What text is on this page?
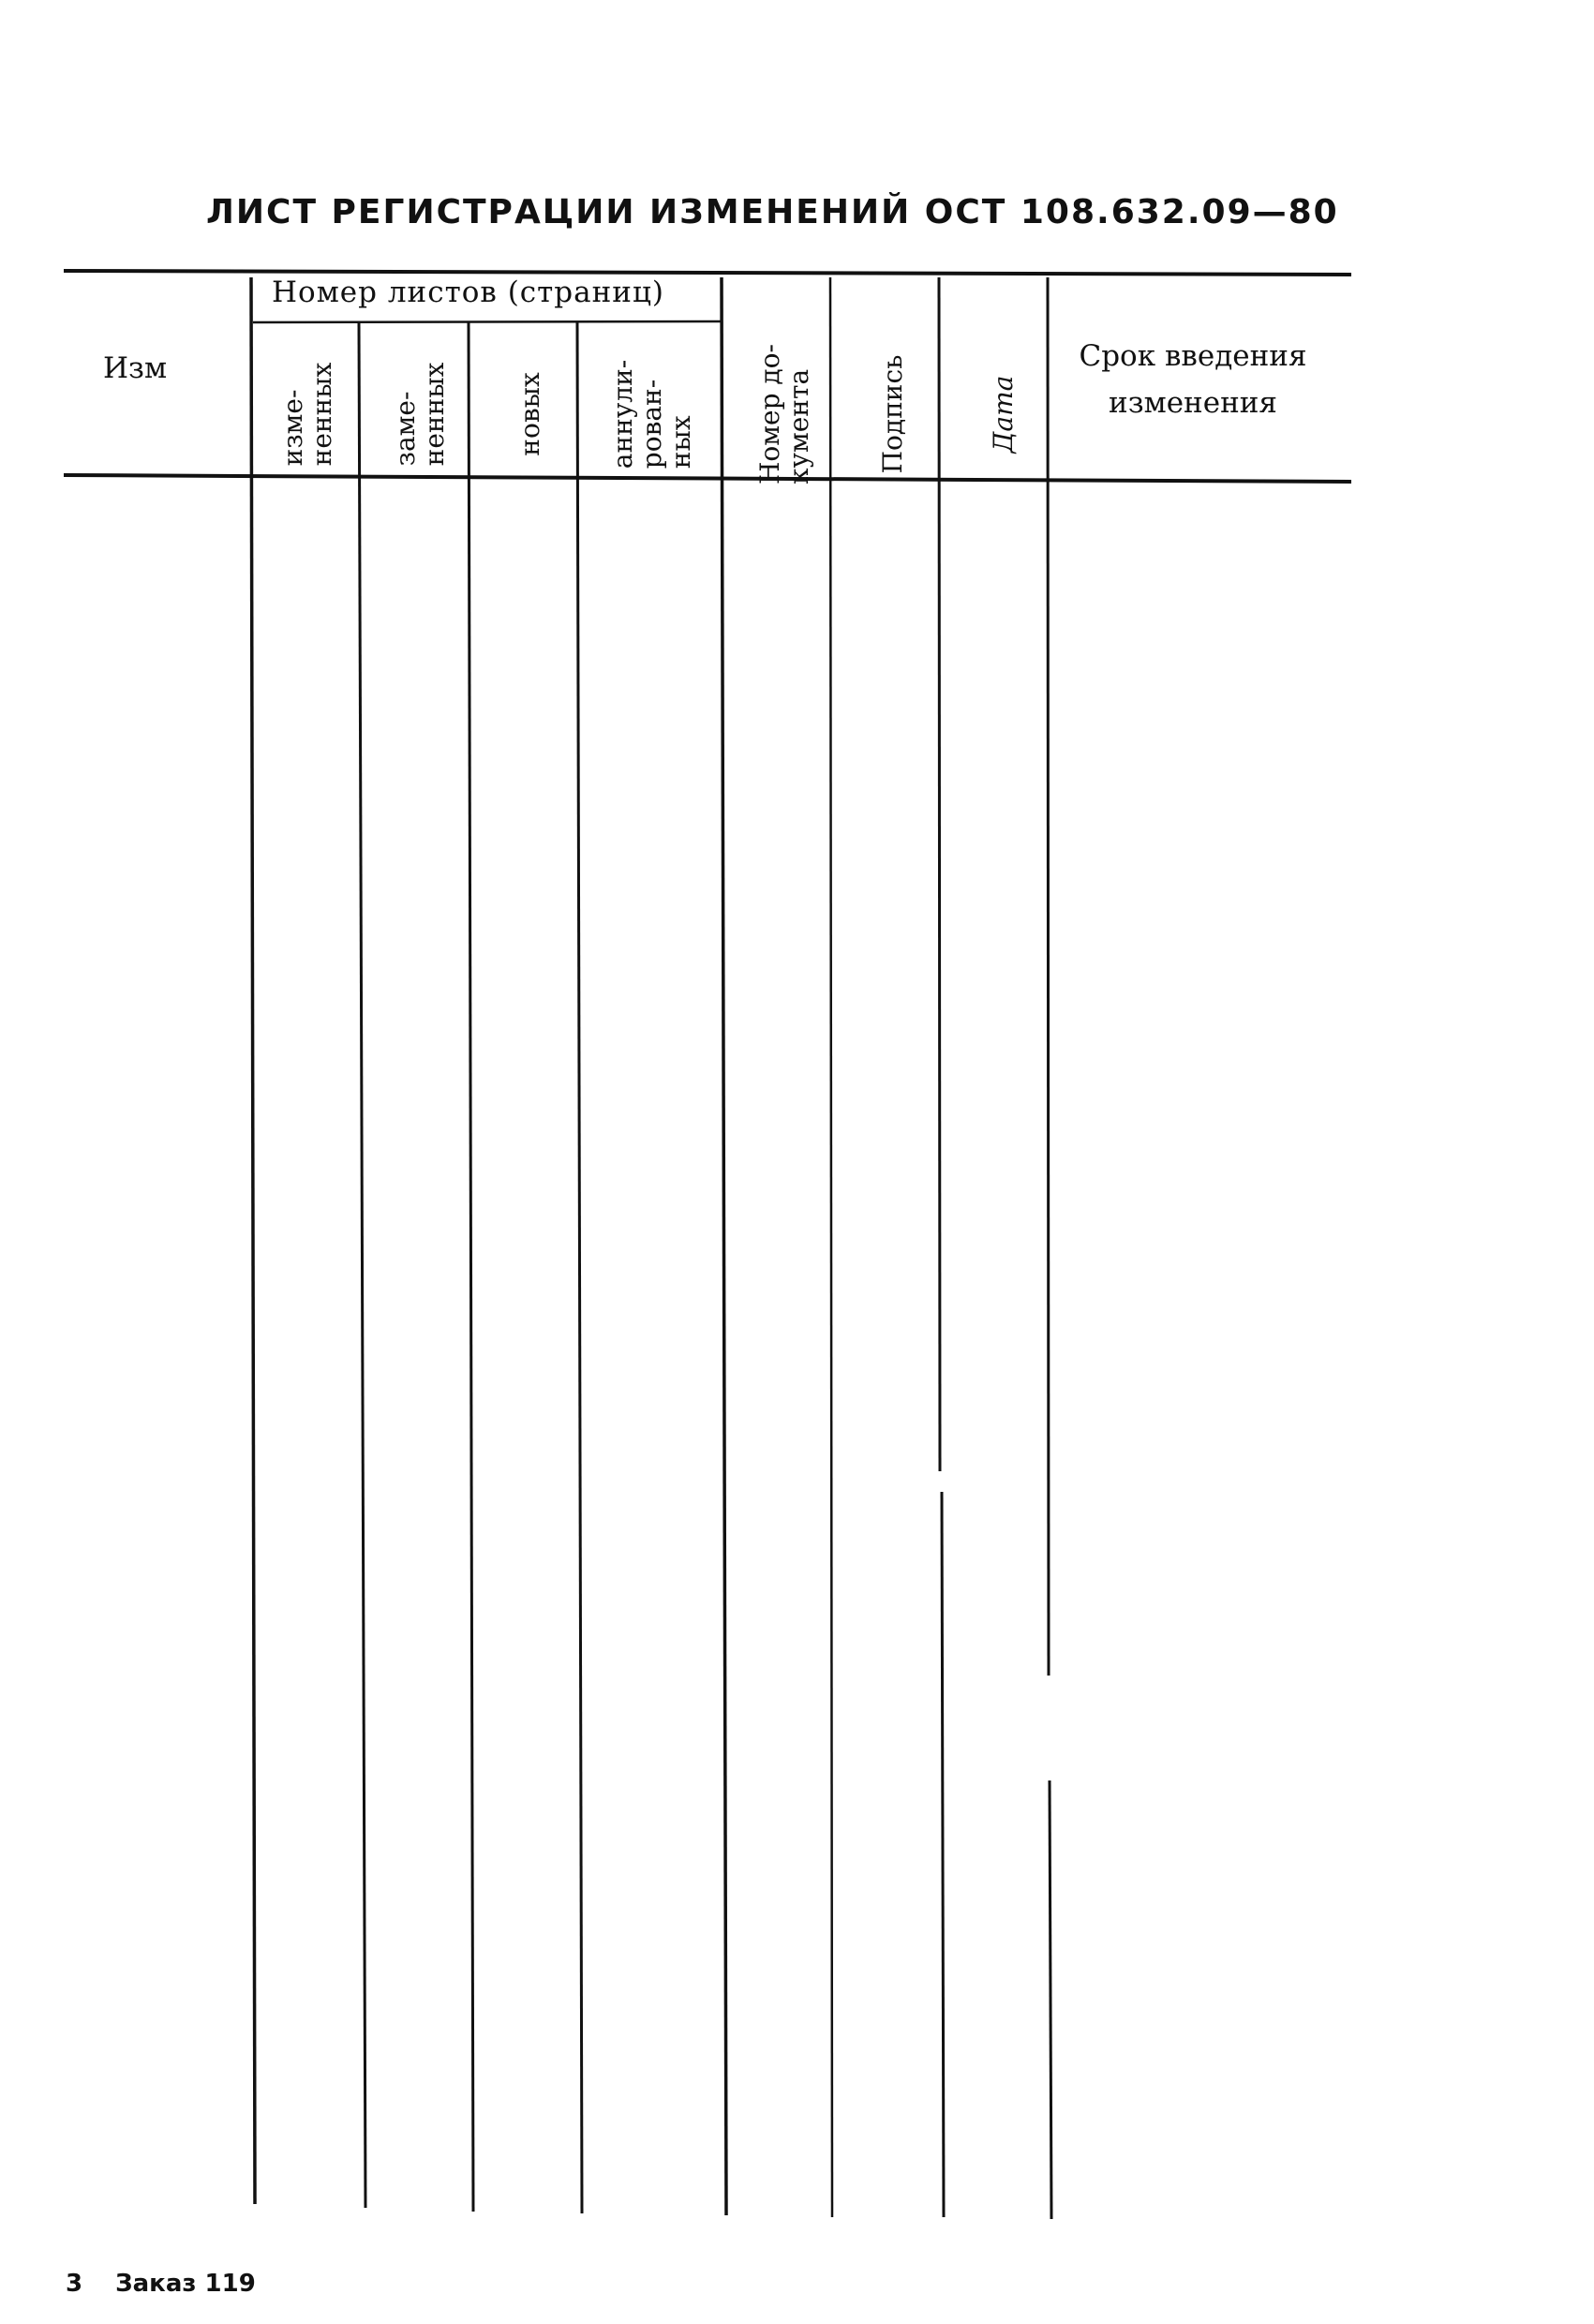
ЛИСТ РЕГИСТРАЦИИ ИЗМЕНЕНИЙ ОСТ 108.632.09—80
Изм
Номер листов (страниц)
Срок введения изменения
изме-
ненных заме-
ненных новых аннули-
рован-
ных Номер до-
кумента Подпись	Дата
3 Заказ 119
